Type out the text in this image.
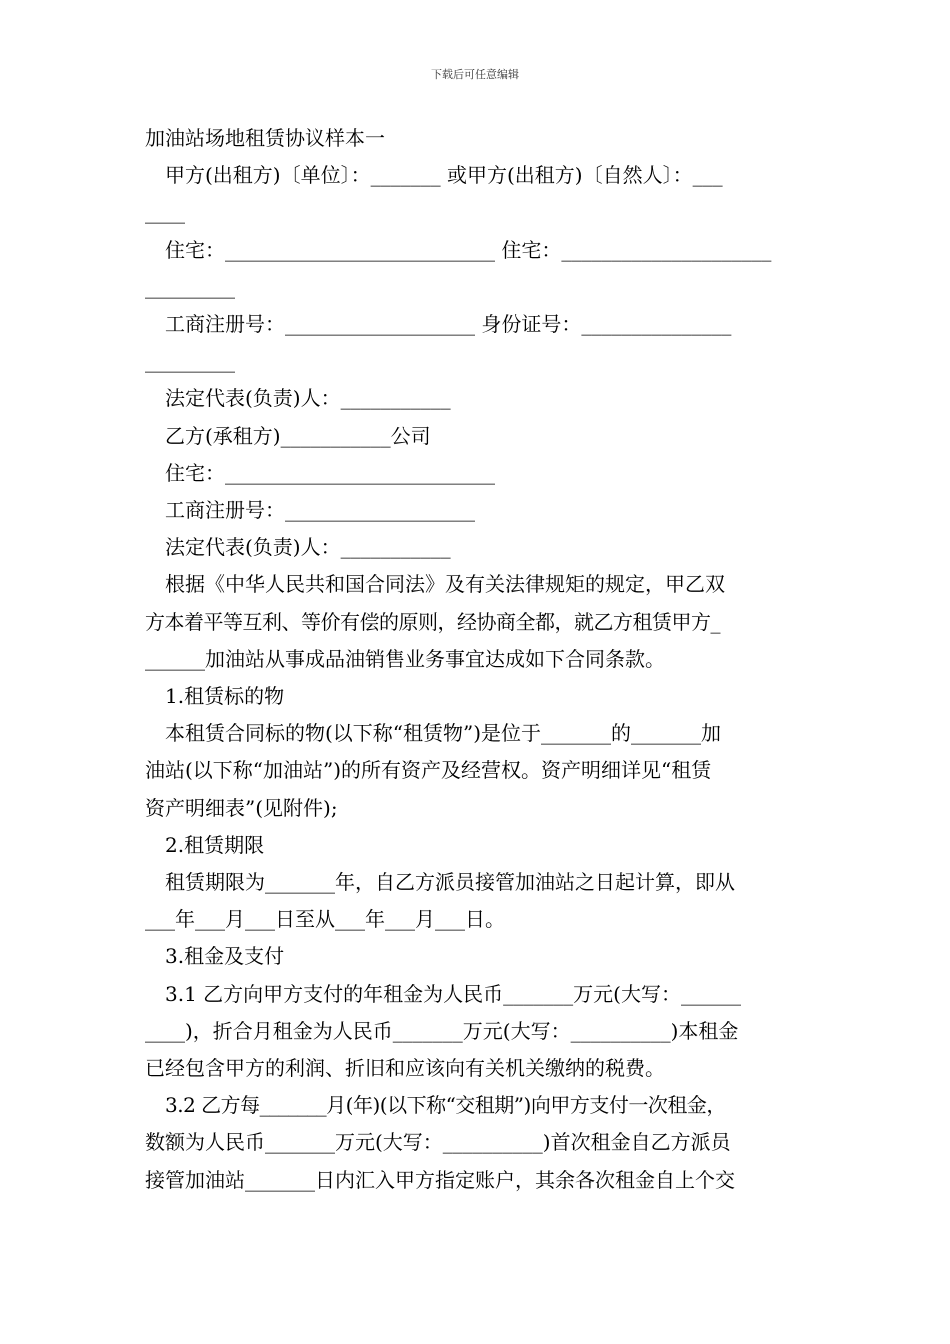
下载后可任意编辑
加油站场地租赁协议样本一
甲方(出租方)〔单位〕：_______ 或甲方(出租方)〔自然人〕：___
____
住宅：___________________________ 住宅：_____________________
_________
工商注册号：___________________ 身份证号：_______________
_________
法定代表(负责)人：___________
乙方(承租方)___________公司
住宅：___________________________
工商注册号：___________________
法定代表(负责)人：___________
根据《中华人民共和国合同法》及有关法律规矩的规定，甲乙双
方本着平等互利、等价有偿的原则，经协商全都，就乙方租赁甲方_
______加油站从事成品油销售业务事宜达成如下合同条款。
1.租赁标的物
本租赁合同标的物(以下称“租赁物”)是位于_______的_______加
油站(以下称“加油站”)的所有资产及经营权。资产明细详见“租赁
资产明细表”(见附件);
2.租赁期限
租赁期限为_______年，自乙方派员接管加油站之日起计算，即从
___年___月___日至从___年___月___日。
3.租金及支付
3.1 乙方向甲方支付的年租金为人民币_______万元(大写：______
____)，折合月租金为人民币_______万元(大写：__________)本租金
已经包含甲方的利润、折旧和应该向有关机关缴纳的税费。
3.2 乙方每_______月(年)(以下称“交租期”)向甲方支付一次租金，
数额为人民币_______万元(大写：__________)首次租金自乙方派员
接管加油站_______日内汇入甲方指定账户，其余各次租金自上个交
